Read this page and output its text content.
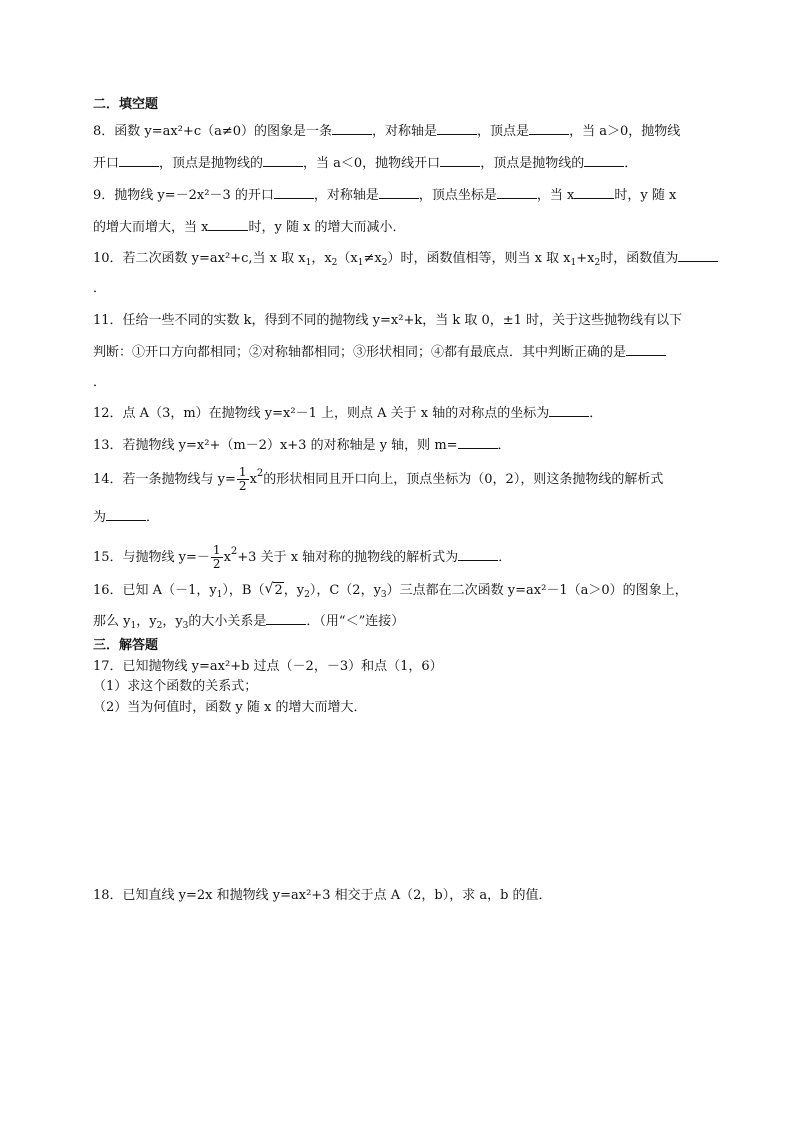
二．填空题
8．函数 y=ax²+c（a≠0）的图象是一条	，对称轴是	，顶点是	，当 a＞0，抛物线
开口	，顶点是抛物线的	，当 a＜0，抛物线开口	，顶点是抛物线的	．
9．抛物线 y=－2x²－3 的开口	，对称轴是	，顶点坐标是	，当 x	时，y 随 x
的增大而增大，当 x	时，y 随 x 的增大而减小．
10．若二次函数 y=ax²+c,当 x 取 $x_1$，$x_2(x_1\ne x_2)$时，函数值相等，则当 x 取 $x_1+x_2$时，函数值为
．
11．任给一些不同的实数 k，得到不同的抛物线 y=x²+k，当 k 取 0，±1 时，关于这些抛物线有以下
判断：①开口方向都相同；②对称轴都相同；③形状相同；④都有最底点．其中判断正确的是
．
12．点 A（3，m）在抛物线 y=x²－1 上，则点 A 关于 x 轴的对称点的坐标为	．
13．若抛物线 y=x²+（m－2）x+3 的对称轴是 y 轴，则 m=	．
14．若一条抛物线与 $y= \frac{1}{2} x^2$的形状相同且开口向上，顶点坐标为（0，2），则这条抛物线的解析式
为	．
15．与抛物线 $y=- \frac{1}{2} x^2+3$ 关于 x 轴对称的抛物线的解析式为	．
16．已知 A（－1，$y_1$），B（ √ 2，$y_2$），C（2，$y_3$）三点都在二次函数 y=ax²－1（a＞0）的图象上，
那么 $y_1$，$y_2$，$y_3$的大小关系是	．（用“＜”连接）
三．解答题
17．已知抛物线 y=ax²+b 过点（－2，－3）和点（1，6）
（1）求这个函数的关系式；
（2）当为何值时，函数 y 随 x 的增大而增大．
18．已知直线 y=2x 和抛物线 y=ax²+3 相交于点 A（2，b），求 a，b 的值．
